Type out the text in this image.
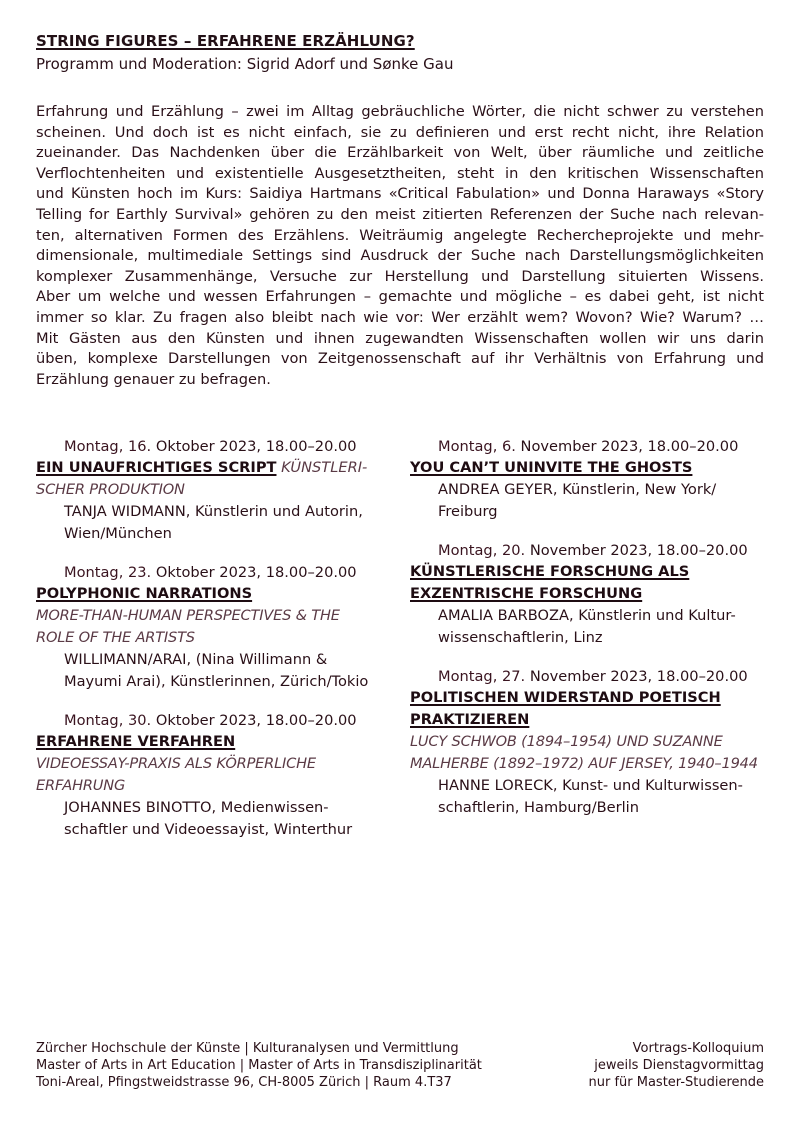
STRING FIGURES – ERFAHRENE ERZÄHLUNG?
Programm und Moderation: Sigrid Adorf und Sønke Gau
Erfahrung und Erzählung – zwei im Alltag gebräuchliche Wörter, die nicht schwer zu verstehen
scheinen. Und doch ist es nicht einfach, sie zu definieren und erst recht nicht, ihre Relation
zueinander. Das Nachdenken über die Erzählbarkeit von Welt, über räumliche und zeitliche
Verflochtenheiten und existentielle Ausgesetztheiten, steht in den kritischen Wissenschaften
und Künsten hoch im Kurs: Saidiya Hartmans «Critical Fabulation» und Donna Haraways «Story
Telling for Earthly Survival» gehören zu den meist zitierten Referenzen der Suche nach relevan-
ten, alternativen Formen des Erzählens. Weiträumig angelegte Rechercheprojekte und mehr-
dimensionale, multimediale Settings sind Ausdruck der Suche nach Darstellungsmöglichkeiten
komplexer Zusammenhänge, Versuche zur Herstellung und Darstellung situierten Wissens.
Aber um welche und wessen Erfahrungen – gemachte und mögliche – es dabei geht, ist nicht
immer so klar. Zu fragen also bleibt nach wie vor: Wer erzählt wem? Wovon? Wie? Warum? …
Mit Gästen aus den Künsten und ihnen zugewandten Wissenschaften wollen wir uns darin
üben, komplexe Darstellungen von Zeitgenossenschaft auf ihr Verhältnis von Erfahrung und
Erzählung genauer zu befragen.
Montag, 16. Oktober 2023, 18.00–20.00
EIN UNAUFRICHTIGES SCRIPT KÜNSTLERI-
SCHER PRODUKTION
TANJA WIDMANN, Künstlerin und Autorin,
Wien/München
Montag, 23. Oktober 2023, 18.00–20.00
POLYPHONIC NARRATIONS
MORE-THAN-HUMAN PERSPECTIVES & THE
ROLE OF THE ARTISTS
WILLIMANN/ARAI, (Nina Willimann &
Mayumi Arai), Künstlerinnen, Zürich/Tokio
Montag, 30. Oktober 2023, 18.00–20.00
ERFAHRENE VERFAHREN
VIDEOESSAY-PRAXIS ALS KÖRPERLICHE
ERFAHRUNG
JOHANNES BINOTTO, Medienwissen-
schaftler und Videoessayist, Winterthur
Montag, 6. November 2023, 18.00–20.00
YOU CAN’T UNINVITE THE GHOSTS
ANDREA GEYER, Künstlerin, New York/
Freiburg
Montag, 20. November 2023, 18.00–20.00
KÜNSTLERISCHE FORSCHUNG ALS
EXZENTRISCHE FORSCHUNG
AMALIA BARBOZA, Künstlerin und Kultur-
wissenschaftlerin, Linz
Montag, 27. November 2023, 18.00–20.00
POLITISCHEN WIDERSTAND POETISCH
PRAKTIZIEREN
LUCY SCHWOB (1894–1954) UND SUZANNE
MALHERBE (1892–1972) AUF JERSEY, 1940–1944
HANNE LORECK, Kunst- und Kulturwissen-
schaftlerin, Hamburg/Berlin
Zürcher Hochschule der Künste | Kulturanalysen und Vermittlung
Master of Arts in Art Education | Master of Arts in Transdisziplinarität
Toni-Areal, Pfingstweidstrasse 96, CH-8005 Zürich | Raum 4.T37
Vortrags-Kolloquium
jeweils Dienstagvormittag
nur für Master-Studierende
